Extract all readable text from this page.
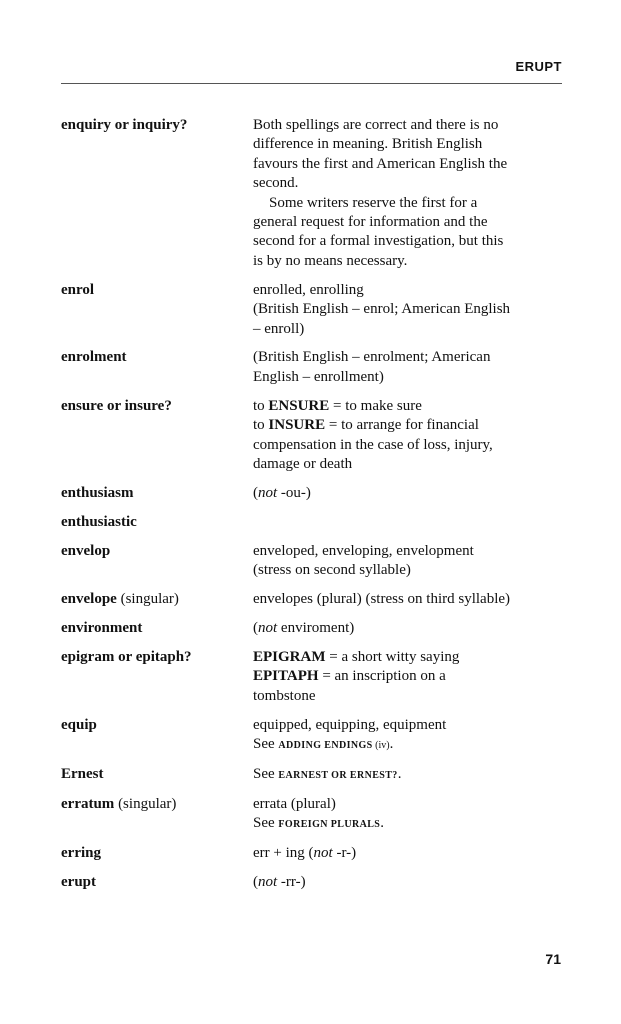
ERUPT
enquiry or inquiry?	Both spellings are correct and there is no
difference in meaning. British English
favours the first and American English the
second.
Some writers reserve the first for a
general request for information and the
second for a formal investigation, but this
is by no means necessary.
enrol	enrolled, enrolling
(British English – enrol; American English
– enroll)
enrolment	(British English – enrolment; American
English – enrollment)
ensure or insure?	to ENSURE = to make sure
to INSURE = to arrange for financial
compensation in the case of loss, injury,
damage or death
enthusiasm	(not -ou-)
enthusiastic
envelop	enveloped, enveloping, envelopment
(stress on second syllable)
envelope (singular)	envelopes (plural) (stress on third syllable)
environment	(not enviroment)
epigram or epitaph?	EPIGRAM = a short witty saying
EPITAPH = an inscription on a
tombstone
equip	equipped, equipping, equipment
See ADDING ENDINGS (iv).
Ernest	See EARNEST OR ERNEST?.
erratum (singular)	errata (plural)
See FOREIGN PLURALS.
erring	err + ing (not -r-)
erupt	(not -rr-)
71
